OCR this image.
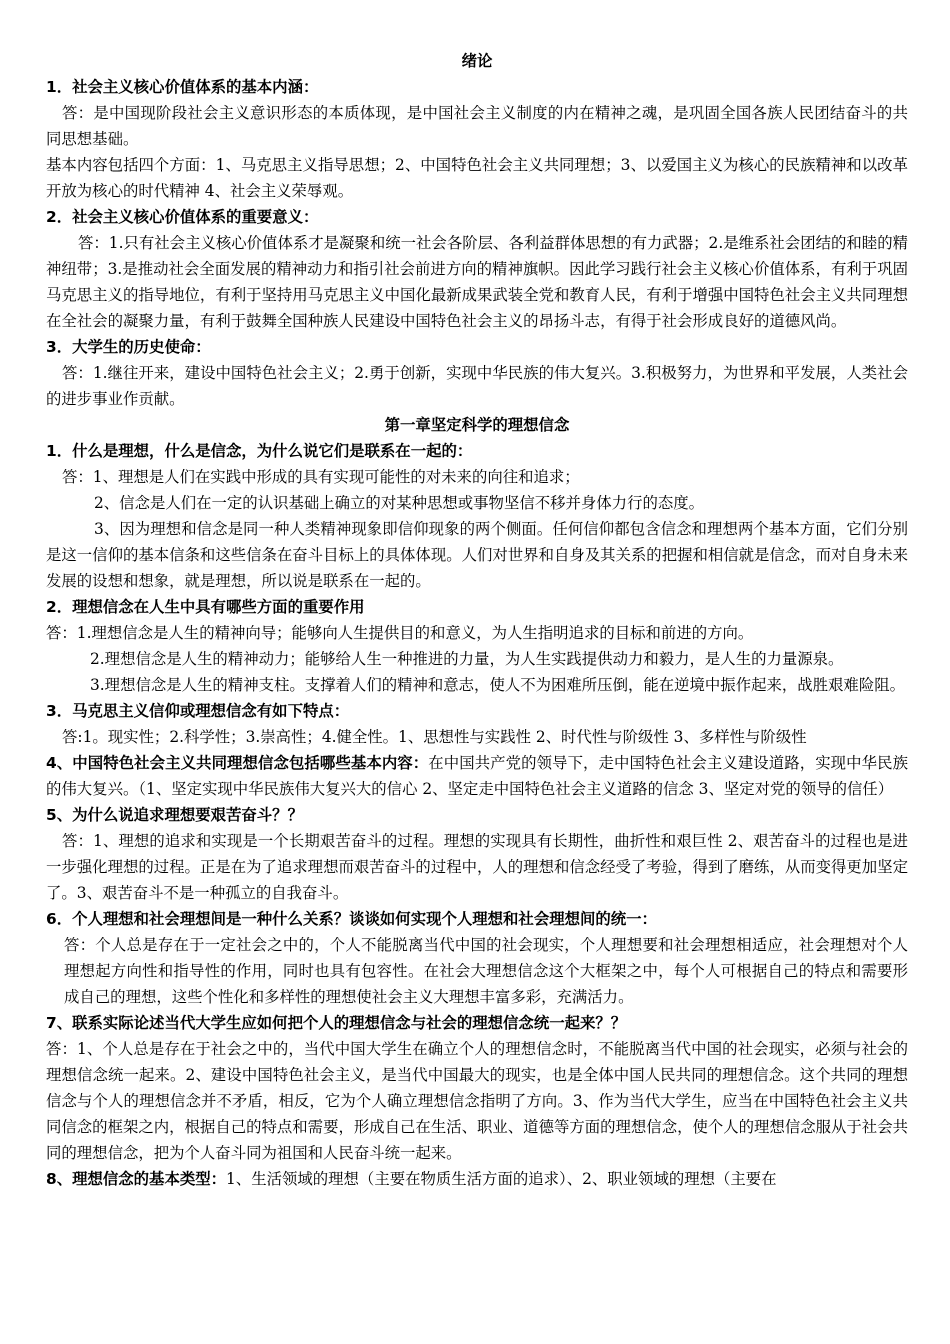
绪论

1．社会主义核心价值体系的基本内涵：

答：是中国现阶段社会主义意识形态的本质体现，是中国社会主义制度的内在精神之魂，是巩固全国各族人民团结奋斗的共同思想基础。

基本内容包括四个方面：1、马克思主义指导思想；2、中国特色社会主义共同理想；3、以爱国主义为核心的民族精神和以改革开放为核心的时代精神 4、社会主义荣辱观。

2．社会主义核心价值体系的重要意义：

答：1.只有社会主义核心价值体系才是凝聚和统一社会各阶层、各利益群体思想的有力武器；2.是维系社会团结的和睦的精神纽带；3.是推动社会全面发展的精神动力和指引社会前进方向的精神旗帜。因此学习践行社会主义核心价值体系，有利于巩固马克思主义的指导地位，有利于坚持用马克思主义中国化最新成果武装全党和教育人民，有利于增强中国特色社会主义共同理想在全社会的凝聚力量，有利于鼓舞全国种族人民建设中国特色社会主义的昂扬斗志，有得于社会形成良好的道德风尚。

3．大学生的历史使命：

答：1.继往开来，建设中国特色社会主义；2.勇于创新，实现中华民族的伟大复兴。3.积极努力，为世界和平发展，人类社会的进步事业作贡献。

第一章坚定科学的理想信念

1．什么是理想，什么是信念，为什么说它们是联系在一起的：

答：1、理想是人们在实践中形成的具有实现可能性的对未来的向往和追求；

2、信念是人们在一定的认识基础上确立的对某种思想或事物坚信不移并身体力行的态度。

3、因为理想和信念是同一种人类精神现象即信仰现象的两个侧面。任何信仰都包含信念和理想两个基本方面，它们分别是这一信仰的基本信条和这些信条在奋斗目标上的具体体现。人们对世界和自身及其关系的把握和相信就是信念，而对自身未来发展的设想和想象，就是理想，所以说是联系在一起的。

2．理想信念在人生中具有哪些方面的重要作用

答：1.理想信念是人生的精神向导；能够向人生提供目的和意义，为人生指明追求的目标和前进的方向。

2.理想信念是人生的精神动力；能够给人生一种推进的力量，为人生实践提供动力和毅力，是人生的力量源泉。

3.理想信念是人生的精神支柱。支撑着人们的精神和意志，使人不为困难所压倒，能在逆境中振作起来，战胜艰难险阻。

3．马克思主义信仰或理想信念有如下特点：

答:1。现实性；2.科学性；3.崇高性；4.健全性。1、思想性与实践性 2、时代性与阶级性 3、多样性与阶级性

4、中国特色社会主义共同理想信念包括哪些基本内容：在中国共产党的领导下，走中国特色社会主义建设道路，实现中华民族的伟大复兴。（1、坚定实现中华民族伟大复兴大的信心 2、坚定走中国特色社会主义道路的信念 3、坚定对党的领导的信任）

5、为什么说追求理想要艰苦奋斗？？

答：1、理想的追求和实现是一个长期艰苦奋斗的过程。理想的实现具有长期性，曲折性和艰巨性 2、艰苦奋斗的过程也是进一步强化理想的过程。正是在为了追求理想而艰苦奋斗的过程中，人的理想和信念经受了考验，得到了磨练，从而变得更加坚定了。3、艰苦奋斗不是一种孤立的自我奋斗。

6．个人理想和社会理想间是一种什么关系？谈谈如何实现个人理想和社会理想间的统一：

答：个人总是存在于一定社会之中的，个人不能脱离当代中国的社会现实，个人理想要和社会理想相适应，社会理想对个人理想起方向性和指导性的作用，同时也具有包容性。在社会大理想信念这个大框架之中，每个人可根据自己的特点和需要形成自己的理想，这些个性化和多样性的理想使社会主义大理想丰富多彩，充满活力。

7、联系实际论述当代大学生应如何把个人的理想信念与社会的理想信念统一起来？？

答：1、个人总是存在于社会之中的，当代中国大学生在确立个人的理想信念时，不能脱离当代中国的社会现实，必须与社会的理想信念统一起来。2、建设中国特色社会主义，是当代中国最大的现实，也是全体中国人民共同的理想信念。这个共同的理想信念与个人的理想信念并不矛盾，相反，它为个人确立理想信念指明了方向。3、作为当代大学生，应当在中国特色社会主义共同信念的框架之内，根据自己的特点和需要，形成自己在生活、职业、道德等方面的理想信念，使个人的理想信念服从于社会共同的理想信念，把为个人奋斗同为祖国和人民奋斗统一起来。

8、理想信念的基本类型：1、生活领域的理想（主要在物质生活方面的追求）、2、职业领域的理想（主要在
